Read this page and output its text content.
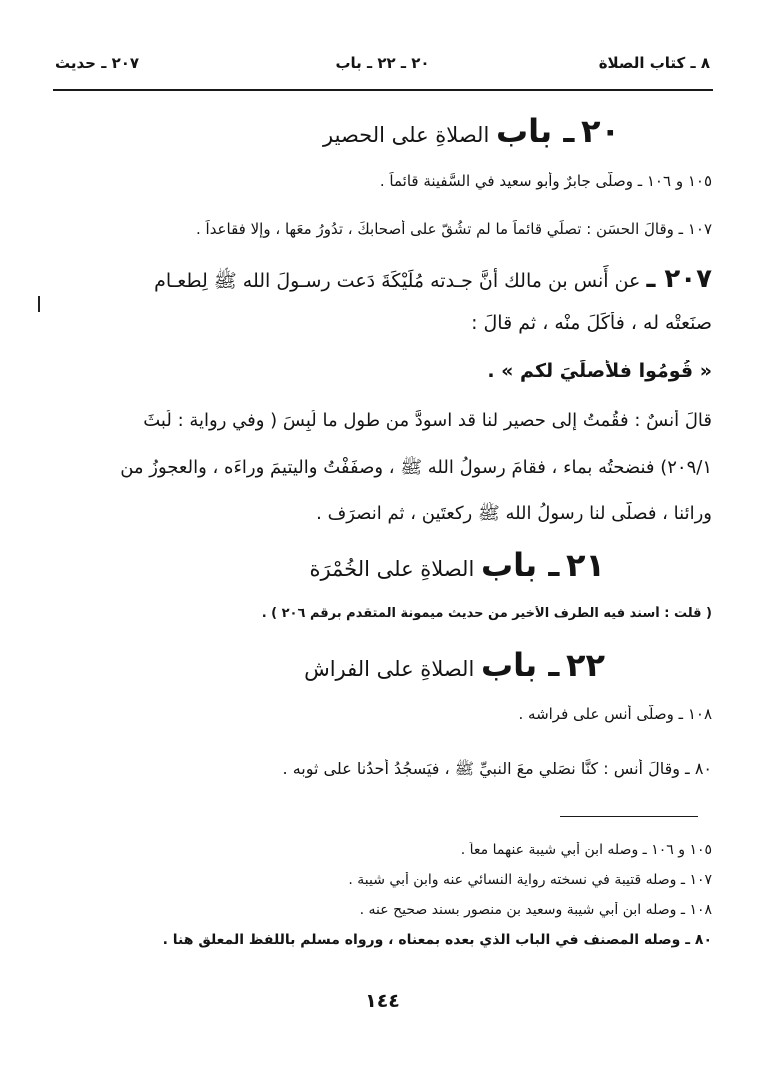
٨ ـ كتاب الصلاة
٢٠ ـ ٢٢ ـ باب
٢٠٧ ـ حديث
٢٠ ـ باب الصلاةِ على الحصير
١٠٥ و ١٠٦ ـ وصلّى جابرٌ وأبو سعيد في السَّفينة قائماً .
١٠٧ ـ وقالَ الحسَن : تصلِّي قائماً ما لم تشُقّ على أصحابكَ ، تدُورُ معَها ، وإلا فقاعداً .
٢٠٧ ـ عن أَنس بن مالك أنَّ جـدته مُلَيْكَةَ دَعت رسـولَ الله ﷺ لِطعـام
صنَعتْه له ، فأكَلَ منْه ، ثم قالَ :
« قُومُوا فلأُصلِّيَ لكم » .
قالَ أنسٌ : فقُمتُ إلى حصير لنا قد اسودَّ من طول ما لُبِسَ ( وفي رواية : لُبثَ
٢٠٩/١) فنضحتُه بماء ، فقامَ رسولُ الله ﷺ ، وصفَفْتُ واليتيمَ وراءَه ، والعجوزُ من
ورائنا ، فصلَّى لنا رسولُ الله ﷺ ركعتَين ، ثم انصرَف .
٢١ ـ باب الصلاةِ على الخُمْرَة
( قلت : أسند فيه الطرف الأخير من حديث ميمونة المتقدم برقم ٢٠٦ ) .
٢٢ ـ باب الصلاةِ على الفراش
١٠٨ ـ وصلَّى أنس على فراشه .
٨٠ ـ وقالَ أنس : كنَّا نصَلي معَ النبيِّ ﷺ ، فيَسجُدُ أحدُنا على ثوبه .
١٠٥ و ١٠٦ ـ وصله ابن أبي شيبة عنهما معاً .
١٠٧ ـ وصله قتيبة في نسخته رواية النسائي عنه وابن أبي شيبة .
١٠٨ ـ وصله ابن أبي شيبة وسعيد بن منصور بسند صحيح عنه .
٨٠ ـ وصله المصنف في الباب الذي بعده بمعناه ، ورواه مسلم باللفظ المعلق هنا .
١٤٤
